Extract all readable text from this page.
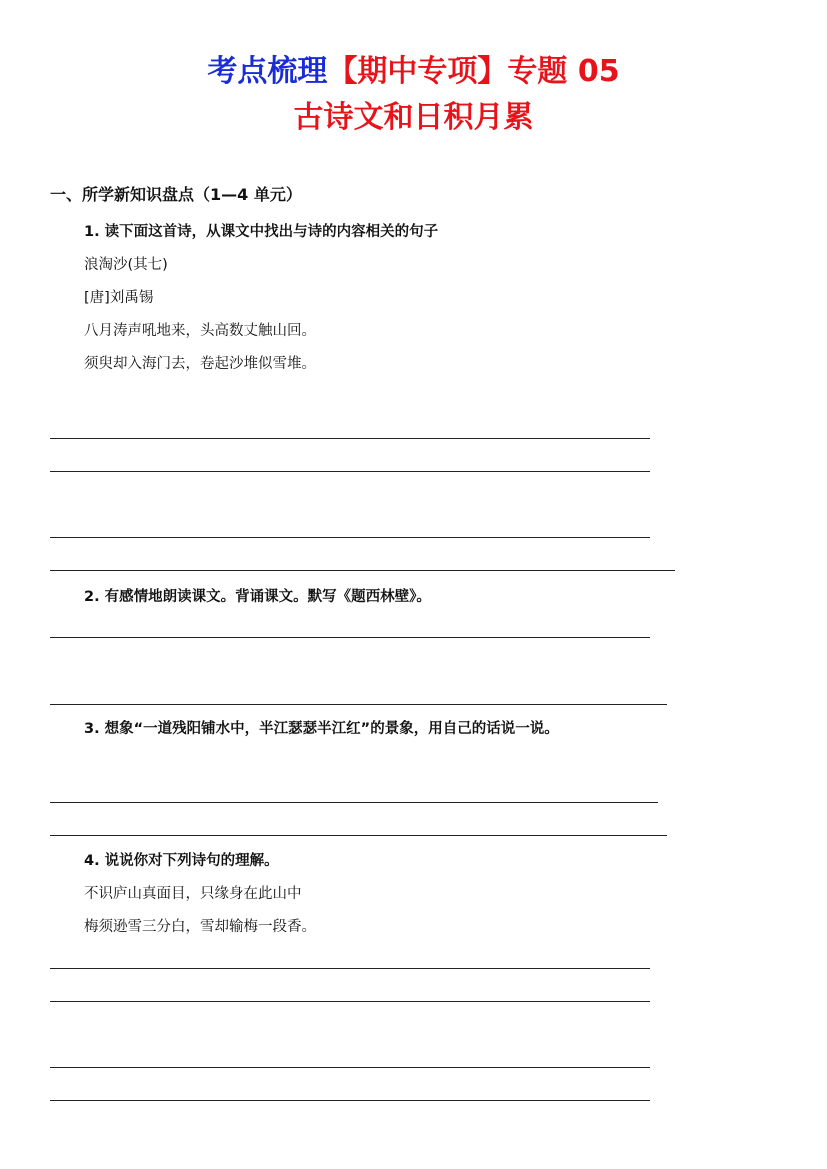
考点梳理【期中专项】专题 05
古诗文和日积月累
一、所学新知识盘点（1—4 单元）
1. 读下面这首诗，从课文中找出与诗的内容相关的句子
浪淘沙(其七)
[唐]刘禹锡
八月涛声吼地来，头高数丈触山回。
须臾却入海门去，卷起沙堆似雪堆。
2. 有感情地朗读课文。背诵课文。默写《题西林壁》。
3. 想象“一道残阳铺水中，半江瑟瑟半江红”的景象，用自己的话说一说。
4. 说说你对下列诗句的理解。
不识庐山真面目，只缘身在此山中
梅须逊雪三分白，雪却输梅一段香。
